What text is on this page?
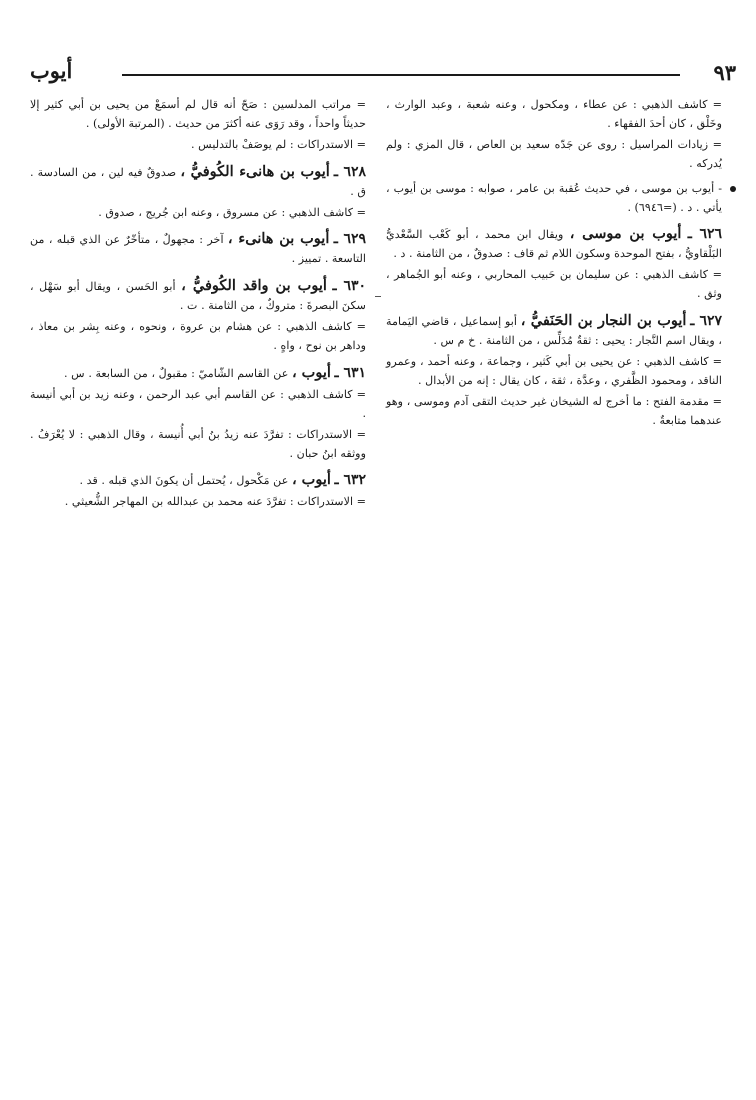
٩٣
أيوب

= كاشف الذهبي : عن عطاء ، ومكحول ، وعنه شعبة ، وعبد الوارث ، وخَلْق ، كان أحدَ الفقهاء .

= زيادات المراسيل : روى عن جَدّه سعيد بن العاص ، قال المزي : ولم يُدركه .

- أيوب بن موسى ، في حديث عُقبة بن عامر ، صوابه : موسى بن أيوب ، يأتي . د . (=٦٩٤٦) .

٦٢٦ ـ أيوب بن موسى ، ويقال ابن محمد ، أبو كَعْب السَّعْديُّ البَلْقاويُّ ، بفتح الموحدة وسكون اللام ثم قاف : صدوقٌ ، من الثامنة . د .

= كاشف الذهبي : عن سليمان بن حَبيب المحاربي ، وعنه أبو الجُماهر ، وثق .

٦٢٧ ـ أيوب بن النجار بن الحَنَفيُّ ، أبو إسماعيل ، قاضي اليَمامة ، ويقال اسم النَّجار : يحيى : ثقةٌ مُدَلِّس ، من الثامنة . خ م س .

= كاشف الذهبي : عن يحيى بن أبي كَثير ، وجماعة ، وعنه أحمد ، وعمرو الناقد ، ومحمود الظَّفري ، وعدَّة ، ثقة ، كان يقال : إنه من الأبدال .

= مقدمة الفتح : ما أخرج له الشيخان غير حديث التقى آدم وموسى ، وهو عندهما متابعةٌ .

= مراتب المدلسين : صَحّ أنه قال لم أسمَعْ من يحيى بن أبي كثير إلا حديثاً واحداً ، وقد رَوَى عنه أكثرَ من حديث . (المرتبة الأولى) .

= الاستدراكات : لم يوصَفْ بالتدليس .

٦٢٨ ـ أيوب بن هانىء الكُوفيُّ ، صدوقٌ فيه لين ، من السادسة . ق .

= كاشف الذهبي : عن مسروق ، وعنه ابن جُريج ، صدوق .

٦٢٩ ـ أيوب بن هانىء ، آخر : مجهولٌ ، متأخّرٌ عن الذي قبله ، من التاسعة . تمييز .

٦٣٠ ـ أيوب بن واقد الكُوفيُّ ، أبو الحَسن ، ويقال أبو سَهْل ، سكنَ البصرةَ : متروكٌ ، من الثامنة . ت .

= كاشف الذهبي : عن هشام بن عروة ، ونحوه ، وعنه بِشر بن معاذ ، وداهر بن نوح ، واهٍ .

٦٣١ ـ أيوب ، عن القاسم الشّاميّ : مقبولٌ ، من السابعة . س .

= كاشف الذهبي : عن القاسم أبي عبد الرحمن ، وعنه زيد بن أبي أنيسة .

= الاستدراكات : تفرَّدَ عنه زيدُ بنُ أبي أُنيسة ، وقال الذهبي : لا يُعْرَفُ . ووثقه ابنُ حبان .

٦٣٢ ـ أيوب ، عن مَكْحول ، يُحتمل أن يكونَ الذي قبله . قد .

= الاستدراكات : تفرَّدَ عنه محمد بن عبدالله بن المهاجر الشُّعيثي .
